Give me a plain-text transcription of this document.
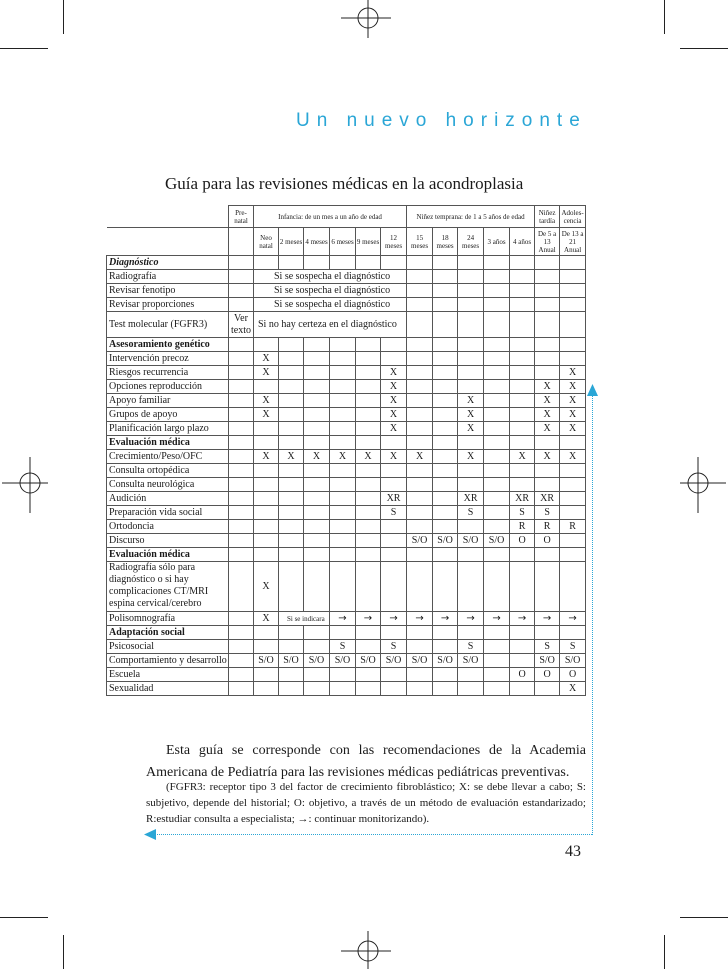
Un nuevo horizonte
Guía para las revisiones médicas en la acondroplasia
	Pre-natal	Infancia: de un mes a un año de edad						Niñez temprana: de 1 a 5 años de edad					Niñez tardía	Adoles-cencia
		Neo natal	2 meses	4 meses	6 meses	9 meses	12 meses	15 meses	18 meses	24 meses	3 años	4 años	De 5 a 13 Anual	De 13 a 21 Anual
Diagnóstico														
Radiografía		Si se sospecha el diagnóstico												
Revisar fenotipo		Si se sospecha el diagnóstico												
Revisar proporciones		Si se sospecha el diagnóstico												
Test molecular (FGFR3)	Ver texto	Si no hay certeza en el diagnóstico												
Asesoramiento genético														
Intervención precoz		X												
Riesgos recurrencia		X					X							X
Opciones reproducción							X						X	X
Apoyo familiar		X					X			X			X	X
Grupos de apoyo		X					X			X			X	X
Planificación largo plazo							X			X			X	X
Evaluación médica														
Crecimiento/Peso/OFC		X	X	X	X	X	X	X		X		X	X	X
Consulta ortopédica														
Consulta neurológica														
Audición							XR			XR		XR	XR	
Preparación vida social							S			S		S	S	
Ortodoncia												R	R	R
Discurso								S/O	S/O	S/O	S/O	O	O	
Evaluación médica														
Radiografía sólo para diagnóstico o si hay complicaciones CT/MRI espina cervical/cerebro		X												
Polisomnografía		X	Si se indicara		→	→	→	→	→	→	→	→	→	→
Adaptación social														
Psicosocial					S		S			S			S	S
Comportamiento y desarrollo		S/O	S/O	S/O	S/O	S/O	S/O	S/O	S/O	S/O			S/O	S/O
Escuela												O	O	O
Sexualidad														X
Esta guía se corresponde con las recomendaciones de la Academia Americana de Pediatría para las revisiones médicas pediátricas preventivas.
(FGFR3: receptor tipo 3 del factor de crecimiento fibroblástico; X: se debe llevar a cabo; S: subjetivo, depende del historial; O: objetivo, a través de un método de evaluación estandarizado; R:estudiar consulta a especialista; →: continuar monitorizando).
43
